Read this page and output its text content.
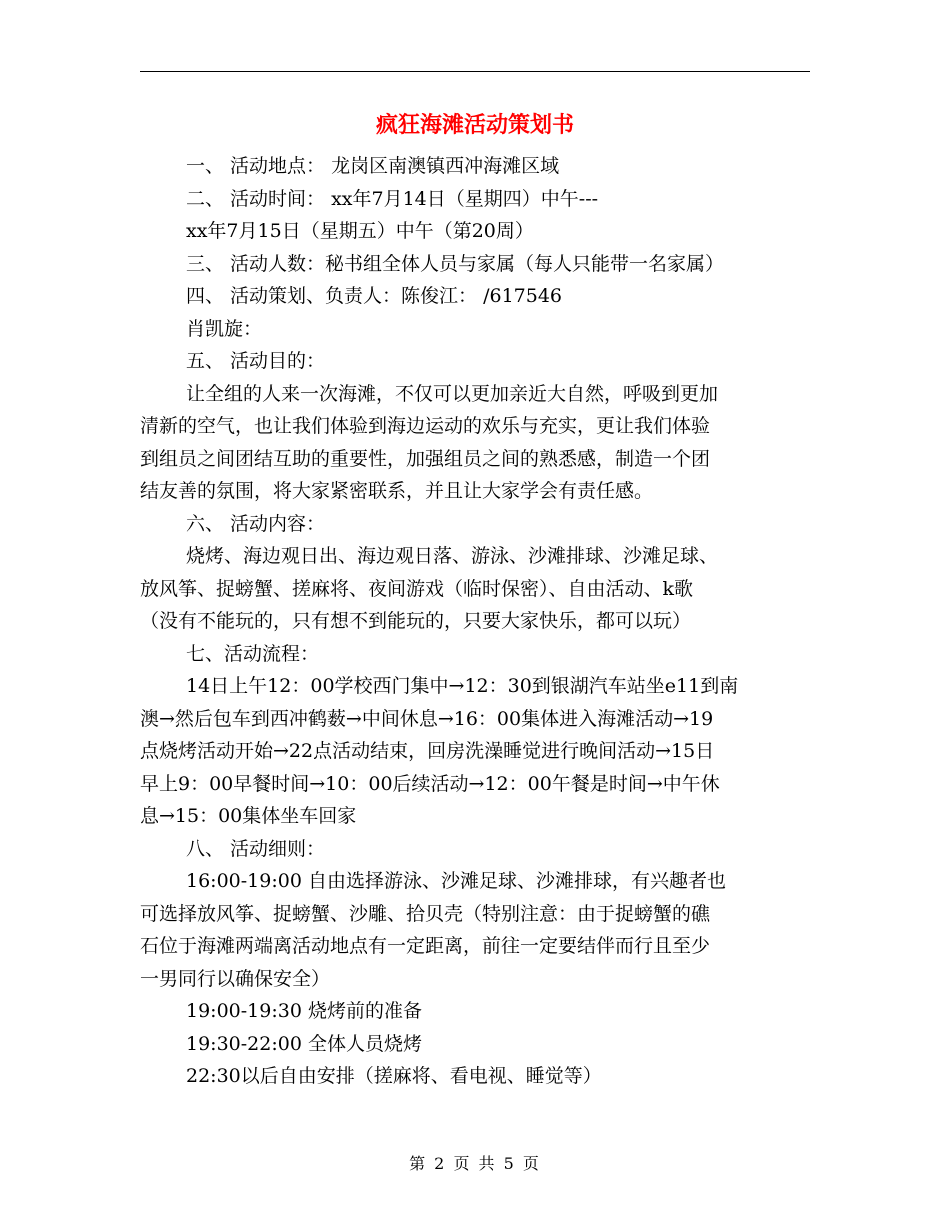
疯狂海滩活动策划书
一、 活动地点： 龙岗区南澳镇西冲海滩区域
二、 活动时间： xx年7月14日（星期四）中午---
xx年7月15日（星期五）中午（第20周）
三、 活动人数：秘书组全体人员与家属（每人只能带一名家属）
四、 活动策划、负责人：陈俊江： /617546
肖凯旋：
五、 活动目的：
让全组的人来一次海滩，不仅可以更加亲近大自然，呼吸到更加
清新的空气，也让我们体验到海边运动的欢乐与充实，更让我们体验
到组员之间团结互助的重要性，加强组员之间的熟悉感，制造一个团
结友善的氛围，将大家紧密联系，并且让大家学会有责任感。
六、 活动内容：
烧烤、海边观日出、海边观日落、游泳、沙滩排球、沙滩足球、
放风筝、捉螃蟹、搓麻将、夜间游戏（临时保密）、自由活动、k歌
（没有不能玩的，只有想不到能玩的，只要大家快乐，都可以玩）
七、活动流程：
14日上午12：00学校西门集中→12：30到银湖汽车站坐e11到南
澳→然后包车到西冲鹤薮→中间休息→16：00集体进入海滩活动→19
点烧烤活动开始→22点活动结束，回房洗澡睡觉进行晚间活动→15日
早上9：00早餐时间→10：00后续活动→12：00午餐是时间→中午休
息→15：00集体坐车回家
八、 活动细则：
16:00-19:00 自由选择游泳、沙滩足球、沙滩排球，有兴趣者也
可选择放风筝、捉螃蟹、沙雕、拾贝壳（特别注意：由于捉螃蟹的礁
石位于海滩两端离活动地点有一定距离，前往一定要结伴而行且至少
一男同行以确保安全）
19:00-19:30 烧烤前的准备
19:30-22:00 全体人员烧烤
22:30以后自由安排（搓麻将、看电视、睡觉等）
第 2 页 共 5 页
